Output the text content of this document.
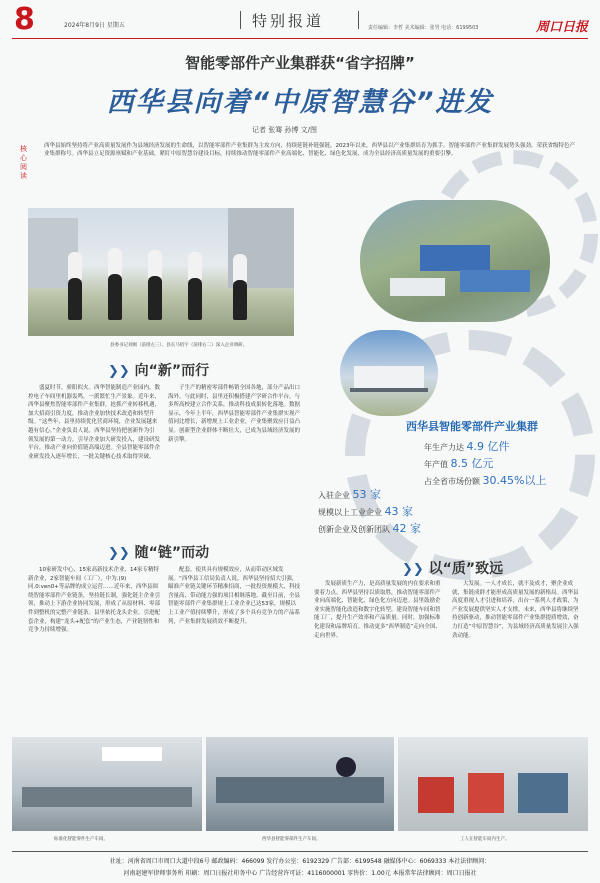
8	2024年8月9日 星期五	特别报道	责任编辑：李哲 美术编辑：张男 电话：6199503	周口日报
智能零部件产业集群获“省字招牌”
西华县向着“中原智慧谷”进发
记者 张骞 孙博 文/图
核心阅读
西华县始终坚持将产业高质量发展作为县域经济发展的生命线，以智能零部件产业集群为主攻方向，持续延链补链强链，2023年以来，西华县以产业集群培育为抓手，智能零部件产业集群发展势头强劲，荣获省级特色产业集群称号。西华县立足资源禀赋和产业基础，紧盯中原智慧谷建设目标，持续推动智能零部件产业高端化、智能化、绿色化发展，成为全县经济高质量发展的重要引擎。
县委书记刘刚（前排左三）、县长马绍宇（前排右二）深入企业调研。
西华县智能零部件产业集群
年生产力达 4.9 亿件
年产值 8.5 亿元
占全省市场份额 30.45%以上
入驻企业 53 家
规模以上工业企业 43 家
创新企业及创新团队 42 家
❯❯ 向“新”而行
盛夏时节，骄阳似火。西华智能制造产业园内，数控电子车间里机器轰鸣，一派繁忙生产景象。近年来，西华县聚焦智能零部件产业集群，抢抓产业转移机遇，加大招商引资力度，推动企业加快技术改造和转型升级。“这些年，县里持续优化营商环境，企业发展越来越有信心。”企业负责人说。西华县坚持把创新作为引领发展的第一动力，引导企业加大研发投入，建设研发平台，推动产业向价值链高端迈进。全县智能零部件企业研发投入逐年增长，一批关键核心技术取得突破。
子生产的精密零部件畅销全国各地，部分产品出口海外。与此同时，县里还积极搭建产学研合作平台，与多所高校建立合作关系，推动科技成果转化落地。数据显示，今年上半年，西华县智能零部件产业集群实现产值同比增长，新增规上工业企业，产业集聚效应日益凸显。创新型企业群体不断壮大，已成为县域经济发展的新引擎。
❯❯ 随“链”而动
10家研发中心、15家高新技术企业、14家专精特新企业，2家智能车间（工厂），中为.(9)同.0:ven0+等品牌的成立运营……近年来，西华县围绕智能零部件产业链条，坚持链长制，强化链主企业引领，推动上下游企业协同发展，形成了从原材料、零部件到整机的完整产业链条。县里依托龙头企业，引进配套企业，构建“龙头+配套”的产业生态，产业链韧性和竞争力持续增强。
配套，使其具有规模效应，从而带动区域发展。“西华县工信局负责人说。西华县坚持招大引强，瞄准产业链关键环节精准招商，一批投资规模大、科技含量高、带动能力强的项目相继落地。截至目前，全县智能零部件产业集群规上工业企业已达53家，规模以上工业产值持续攀升，形成了多个具有竞争力的产品系列，产业集群发展质效不断提升。
❯❯ 以“质”致远
发展新质生产力，是高质量发展的内在要求和重要着力点。西华县坚持以质取胜，推动智能零部件产业向高端化、智能化、绿色化方向迈进。县里鼓励企业实施智能化改造和数字化转型，建设智能车间和智能工厂，提升生产效率和产品质量。同时，加强标准化建设和品牌培育，推动更多“西华制造”走向全国、走向世界。
大发展。一人才成长，就不及成才，聚企业成就，集链成群才能形成高质量发展的新格局。西华县高度重视人才引进和培养，出台一系列人才政策，为产业发展提供坚实人才支撑。未来，西华县将继续坚持创新驱动，推动智能零部件产业集群提质增效，奋力打造“中原智慧谷”，为县域经济高质量发展注入强劲动能。
标准化智能零件生产车间。	西华县智能零部件生产车间。	工人在智能车间内生产。
社址：河南省周口市周口大道中段6号 邮政编码：466099 发行办公室：6192329 广告部：6199548 融媒体中心：6069333 本社法律顾问：
河南赵建军律师事务所 印刷：周口日报社印务中心 广告经营许可证：4116000001 零售价：1.00元 本报常年法律顾问：周口日报社
